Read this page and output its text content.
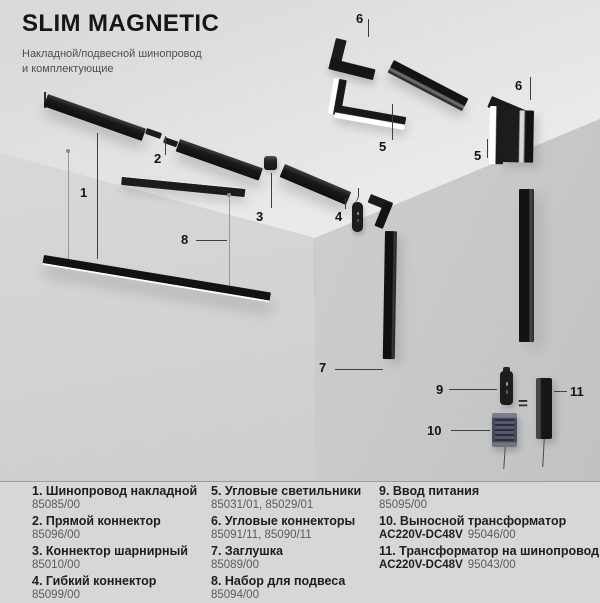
1
2
8
3	4
7
6
5
6
5
9
10
=
11
SLIM MAGNETIC
Накладной/подвесной шинопровод
и комплектующие
1. Шинопровод накладной
85085/00
2. Прямой коннектор
85096/00
3. Коннектор шарнирный
85010/00
4. Гибкий коннектор
85099/00
5. Угловые светильники
85031/01, 85029/01
6. Угловые коннекторы
85091/11, 85090/11
7. Заглушка
85089/00
8. Набор для подвеса
85094/00
9. Ввод питания
85095/00
10. Выносной трансформатор
AC220V-DC48V 95046/00
11. Трансформатор на шинопровод
AC220V-DC48V 95043/00
